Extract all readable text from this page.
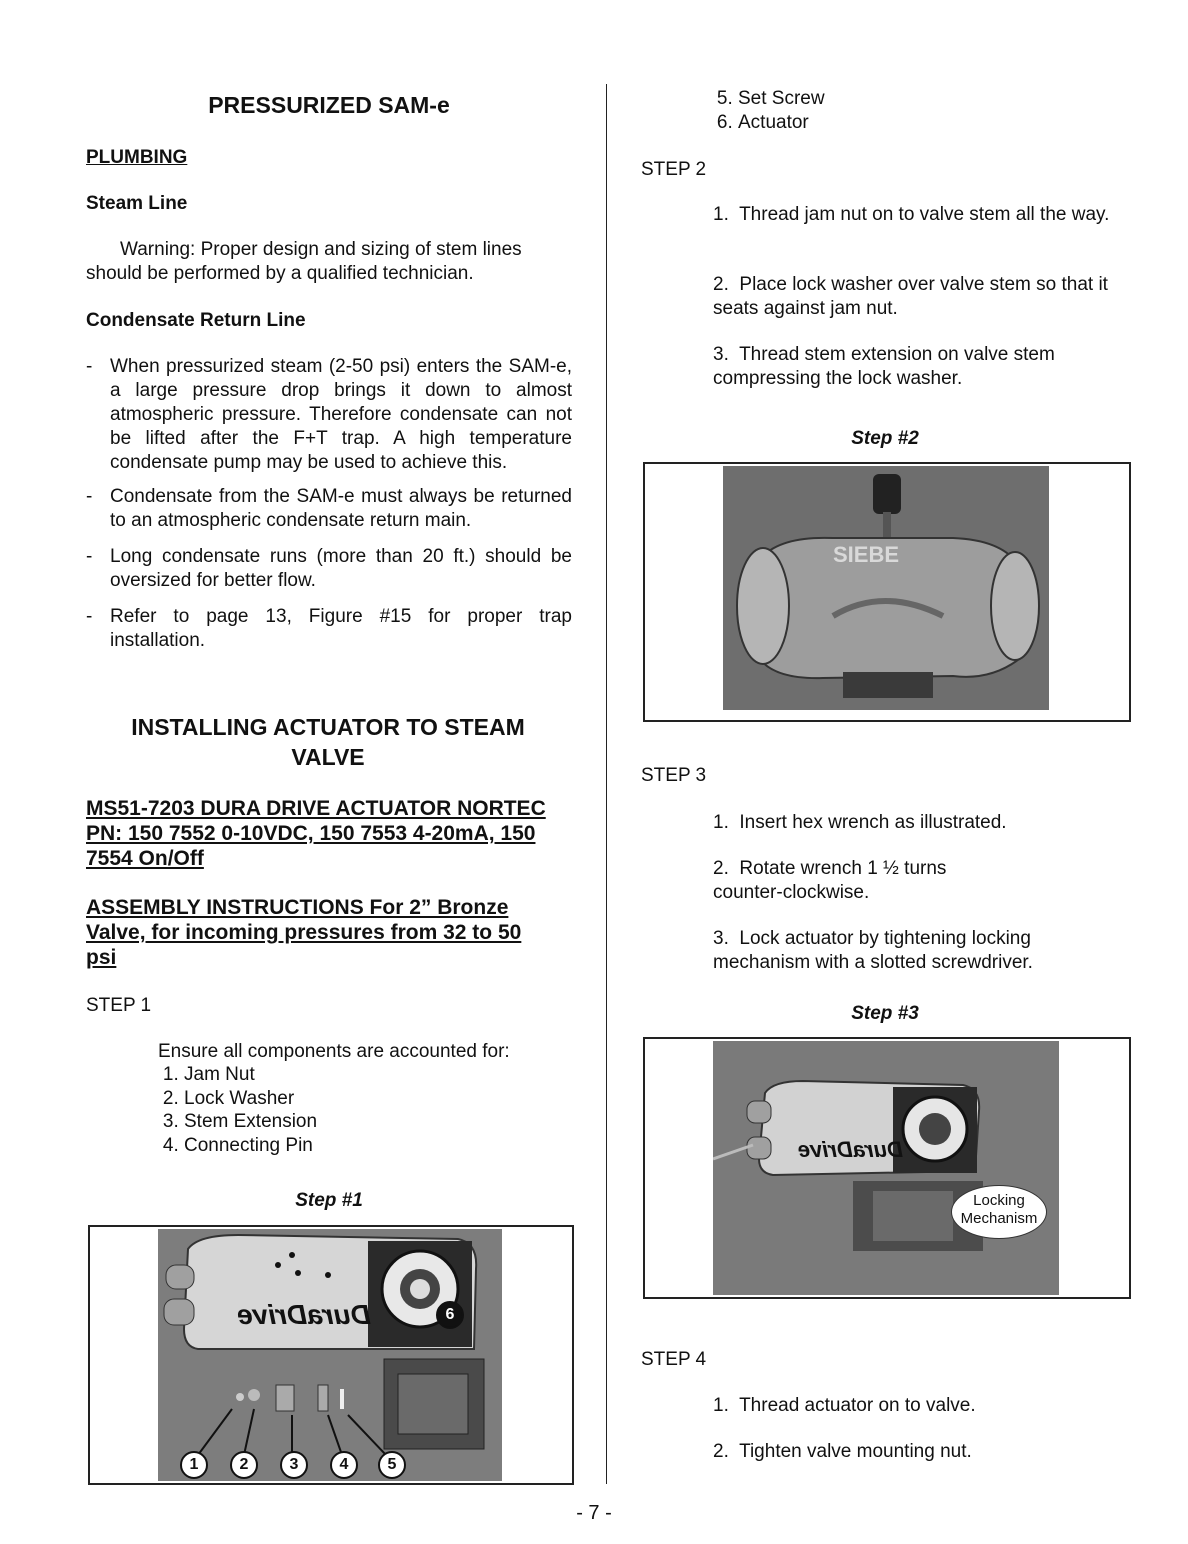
PRESSURIZED SAM-e
PLUMBING
Steam Line
Warning: Proper design and sizing of stem lines should be performed by a qualified technician.
Condensate Return Line
- When pressurized steam (2-50 psi) enters the SAM-e, a large pressure drop brings it down to almost atmospheric pressure. Therefore condensate can not be lifted after the F+T trap. A high temperature condensate pump may be used to achieve this.
- Condensate from the SAM-e must always be returned to an atmospheric condensate return main.
- Long condensate runs (more than 20 ft.) should be oversized for better flow.
- Refer to page 13, Figure #15 for proper trap installation.
INSTALLING ACTUATOR TO STEAM VALVE
MS51-7203 DURA DRIVE ACTUATOR NORTEC PN: 150 7552 0-10VDC, 150 7553 4-20mA, 150 7554 On/Off
ASSEMBLY INSTRUCTIONS For 2” Bronze Valve, for incoming pressures from 32 to 50 psi
STEP 1
Ensure all components are accounted for:
1. Jam Nut
2. Lock Washer
3. Stem Extension
4. Connecting Pin
Step #1
DuraDrive
1	2	3	4	5
6
5. Set Screw
6. Actuator
STEP 2
1.  Thread jam nut on to valve stem all the way.
2.  Place lock washer over valve stem so that it seats against jam nut.
3.  Thread stem extension on valve stem compressing the lock washer.
Step #2
SIEBE
STEP 3
1.  Insert hex wrench as illustrated.
2.  Rotate wrench 1 ½ turns counter-clockwise.
3.  Lock actuator by tightening locking mechanism with a slotted screwdriver.
Step #3
DuraDrive
Locking
Mechanism
STEP 4
1.  Thread actuator on to valve.
2.  Tighten valve mounting nut.
- 7 -
